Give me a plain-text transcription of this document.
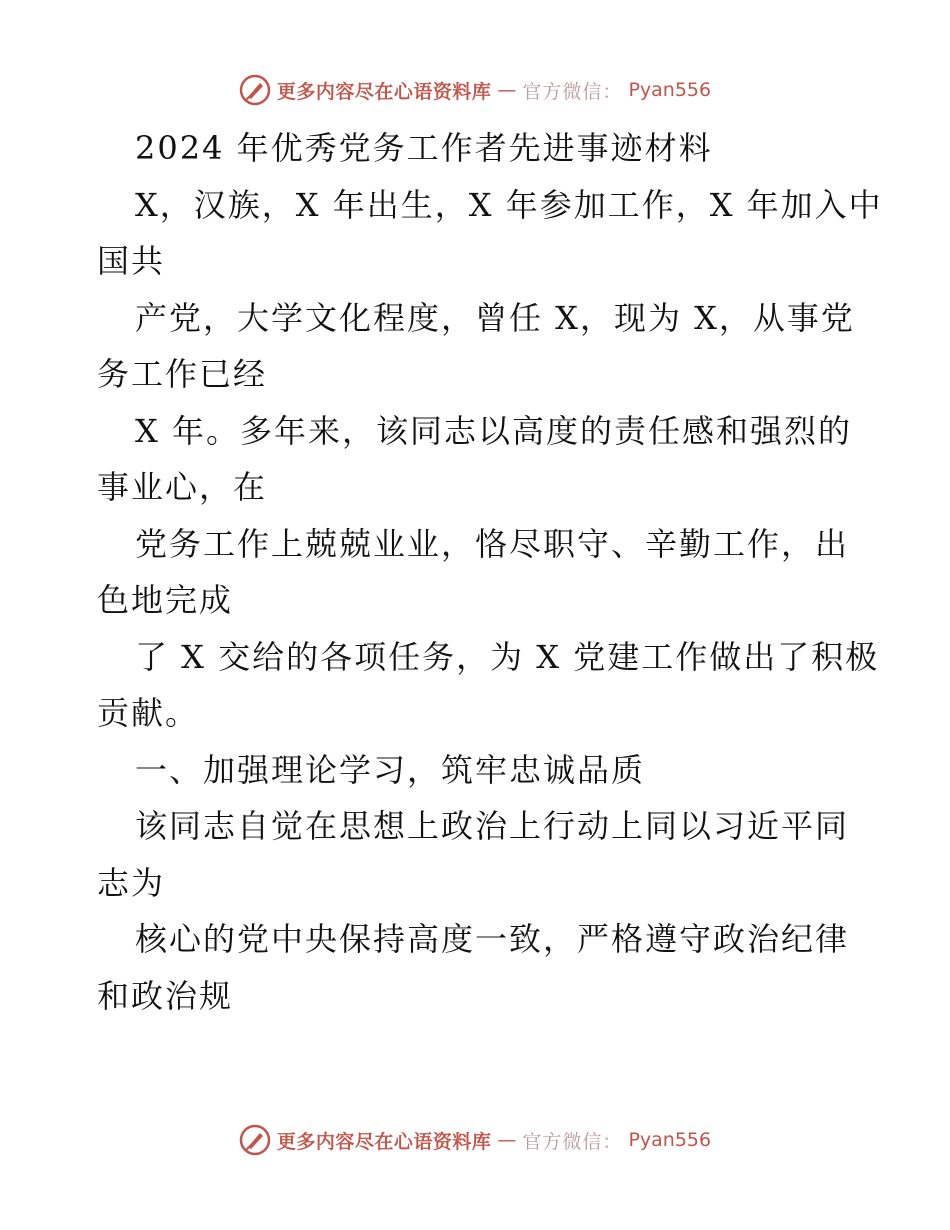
更多内容尽在心语资料库 — 官方微信： Pyan556
2024 年优秀党务工作者先进事迹材料
X，汉族，X 年出生，X 年参加工作，X 年加入中
国共
产党，大学文化程度，曾任 X，现为 X，从事党
务工作已经
X 年。多年来，该同志以高度的责任感和强烈的
事业心，在
党务工作上兢兢业业，恪尽职守、辛勤工作，出
色地完成
了 X 交给的各项任务，为 X 党建工作做出了积极
贡献。
一、加强理论学习，筑牢忠诚品质
该同志自觉在思想上政治上行动上同以习近平同
志为
核心的党中央保持高度一致，严格遵守政治纪律
和政治规
更多内容尽在心语资料库 — 官方微信： Pyan556
